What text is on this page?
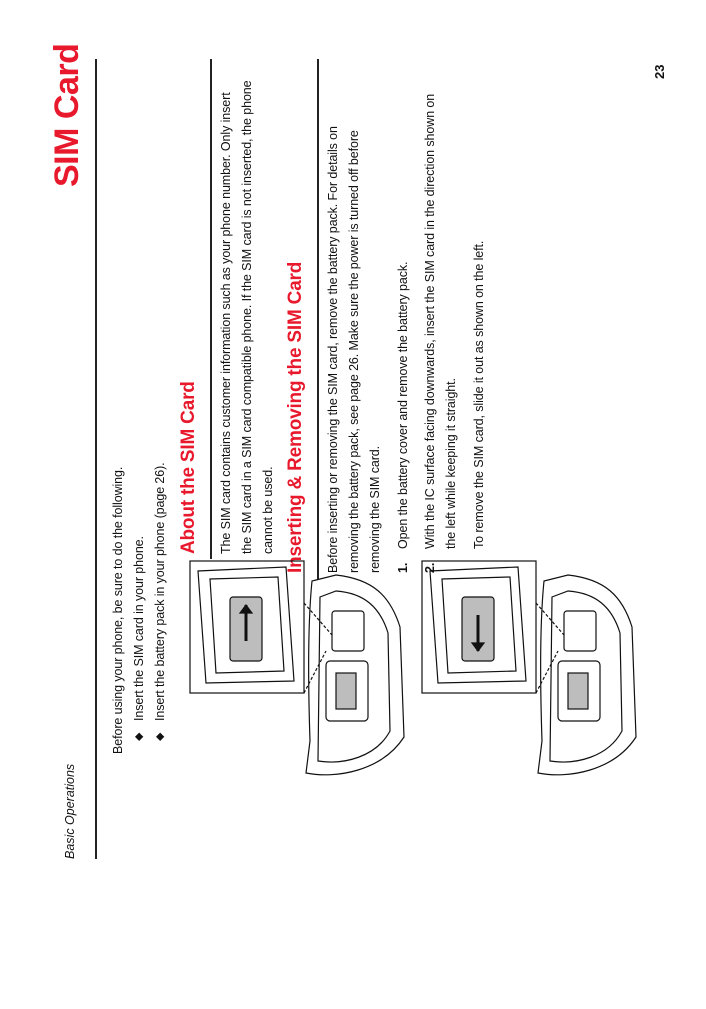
SIM Card
Before using your phone, be sure to do the following. ◆
Insert the SIM card in your phone.
◆
Insert the battery pack in your phone (page 26). About the SIM Card The SIM card contains customer information such as your phone number. Only insert the SIM card in a SIM card compatible phone. If the SIM card is not inserted, the phone cannot be used. Inserting & Removing the SIM Card Before inserting or removing the SIM card, remove the battery pack. For details on removing the battery pack, see page 26. Make sure the power is turned off before removing the SIM card.	1.Open the battery cover and remove the battery pack.
2.With the IC surface facing downwards, insert the SIM card in the direction shown on the left while keeping it straight.	To remove the SIM card, slide it out as shown on the left.
Basic Operations
23
